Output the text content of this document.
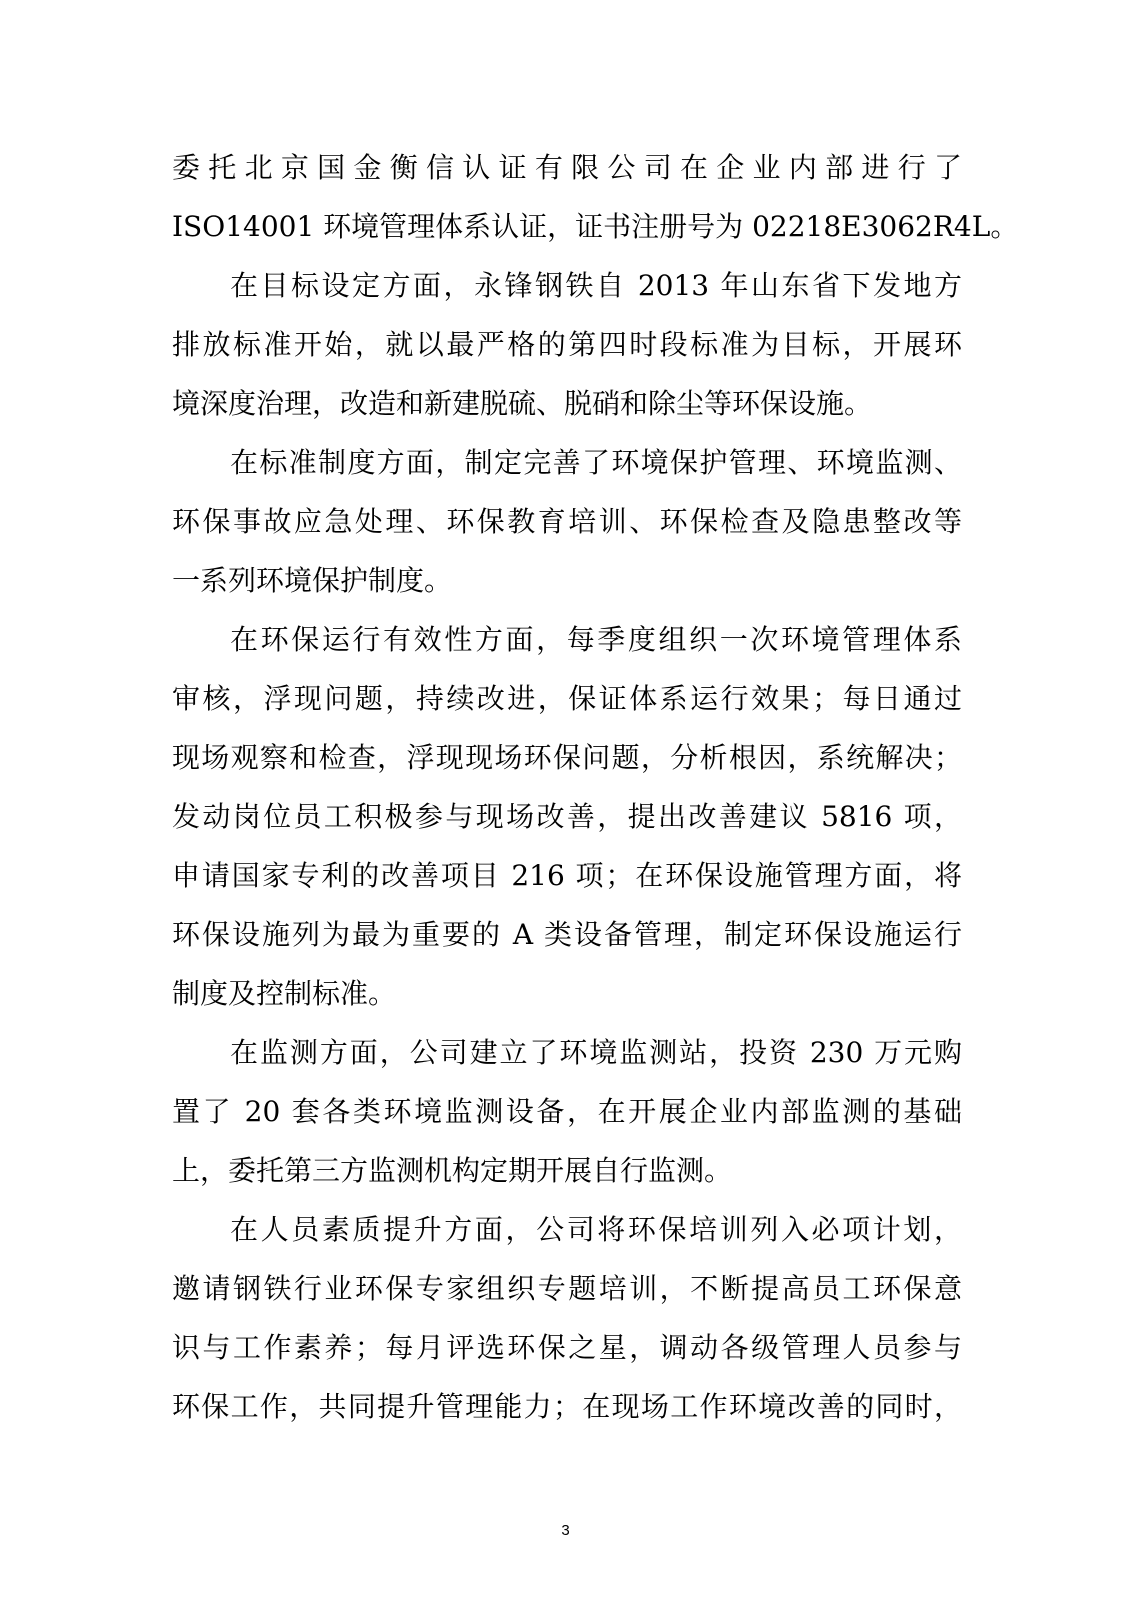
委托北京国金衡信认证有限公司在企业内部进行了
ISO14001 环境管理体系认证，证书注册号为 02218E3062R4L。
在目标设定方面，永锋钢铁自 2013 年山东省下发地方
排放标准开始，就以最严格的第四时段标准为目标，开展环
境深度治理，改造和新建脱硫、脱硝和除尘等环保设施。
在标准制度方面，制定完善了环境保护管理、环境监测、
环保事故应急处理、环保教育培训、环保检查及隐患整改等
一系列环境保护制度。
在环保运行有效性方面，每季度组织一次环境管理体系
审核，浮现问题，持续改进，保证体系运行效果；每日通过
现场观察和检查，浮现现场环保问题，分析根因，系统解决；
发动岗位员工积极参与现场改善，提出改善建议 5816 项，
申请国家专利的改善项目 216 项；在环保设施管理方面，将
环保设施列为最为重要的 A 类设备管理，制定环保设施运行
制度及控制标准。
在监测方面，公司建立了环境监测站，投资 230 万元购
置了 20 套各类环境监测设备，在开展企业内部监测的基础
上，委托第三方监测机构定期开展自行监测。
在人员素质提升方面，公司将环保培训列入必项计划，
邀请钢铁行业环保专家组织专题培训，不断提高员工环保意
识与工作素养；每月评选环保之星，调动各级管理人员参与
环保工作，共同提升管理能力；在现场工作环境改善的同时，
3
